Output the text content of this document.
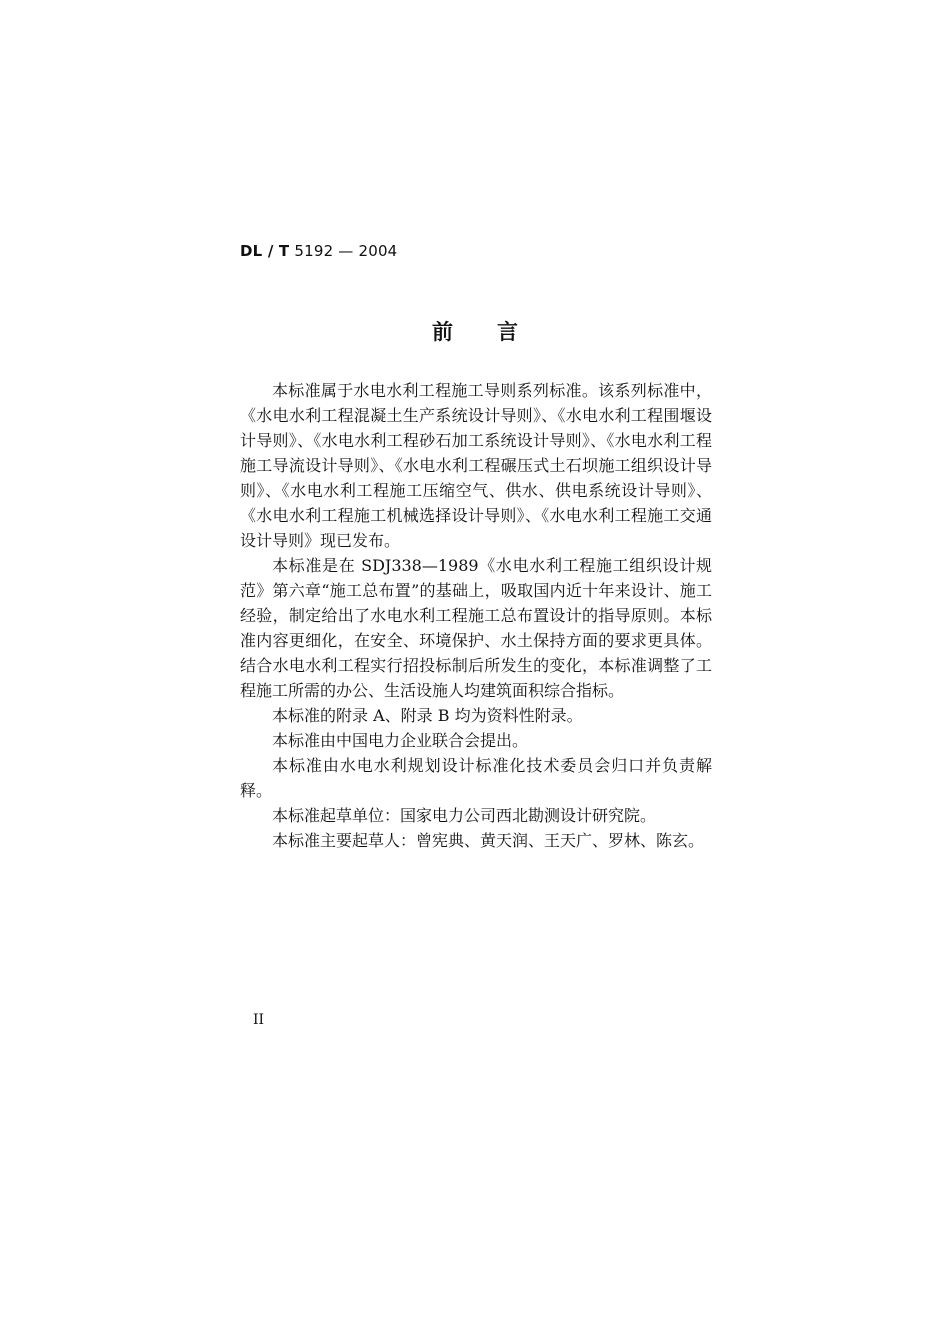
DL / T 5192 — 2004
前言

本标准属于水电水利工程施工导则系列标准。该系列标准中，《水电水利工程混凝土生产系统设计导则》、《水电水利工程围堰设计导则》、《水电水利工程砂石加工系统设计导则》、《水电水利工程施工导流设计导则》、《水电水利工程碾压式土石坝施工组织设计导则》、《水电水利工程施工压缩空气、供水、供电系统设计导则》、《水电水利工程施工机械选择设计导则》、《水电水利工程施工交通设计导则》现已发布。

本标准是在 SDJ338—1989《水电水利工程施工组织设计规范》第六章“施工总布置”的基础上，吸取国内近十年来设计、施工经验，制定给出了水电水利工程施工总布置设计的指导原则。本标准内容更细化，在安全、环境保护、水土保持方面的要求更具体。结合水电水利工程实行招投标制后所发生的变化，本标准调整了工程施工所需的办公、生活设施人均建筑面积综合指标。

本标准的附录 A、附录 B 均为资料性附录。

本标准由中国电力企业联合会提出。

本标准由水电水利规划设计标准化技术委员会归口并负责解释。

本标准起草单位：国家电力公司西北勘测设计研究院。

本标准主要起草人：曾宪典、黄天润、王天广、罗林、陈玄。

II
